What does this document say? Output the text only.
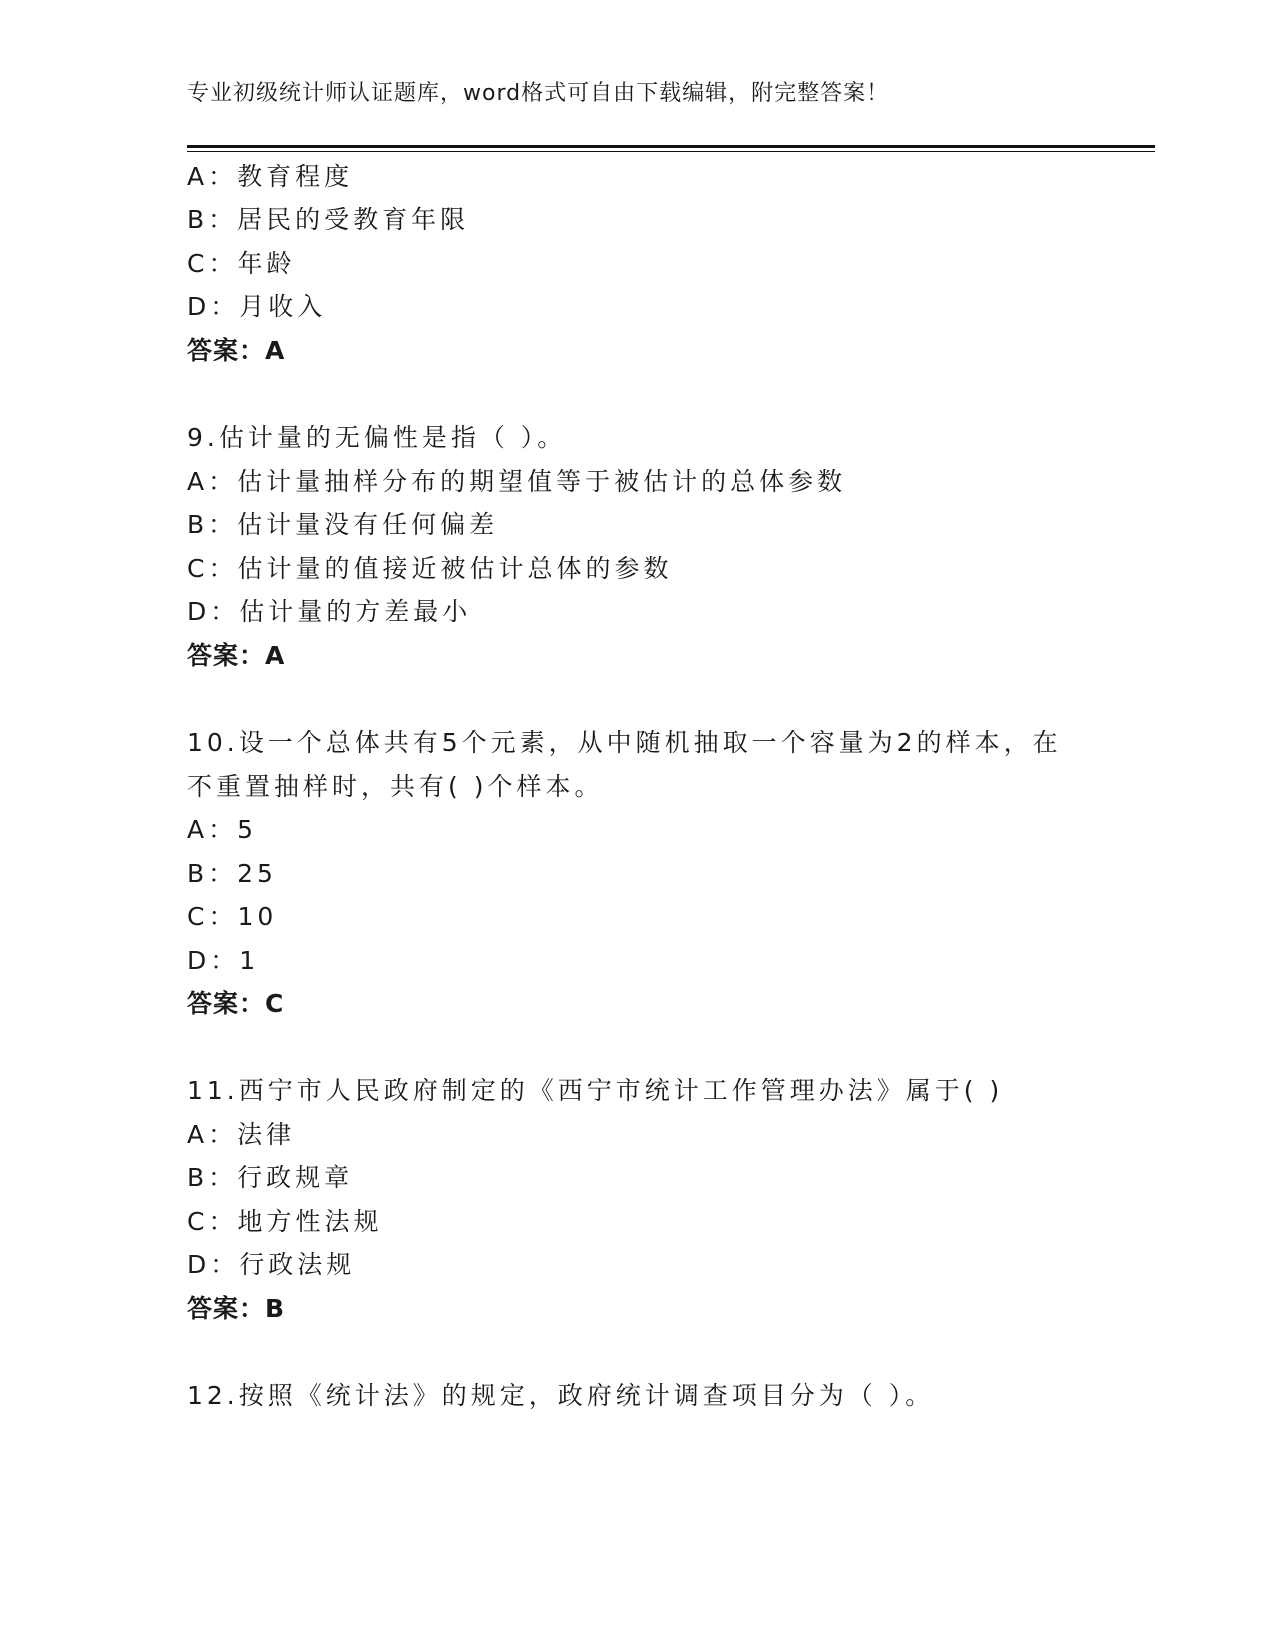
专业初级统计师认证题库，word格式可自由下载编辑，附完整答案！
A：教育程度
B：居民的受教育年限
C：年龄
D：月收入
答案：A
9.估计量的无偏性是指（ ）。
A：估计量抽样分布的期望值等于被估计的总体参数
B：估计量没有任何偏差
C：估计量的值接近被估计总体的参数
D：估计量的方差最小
答案：A
10.设一个总体共有5个元素，从中随机抽取一个容量为2的样本，在
不重置抽样时，共有( )个样本。
A：5
B：25
C：10
D：1
答案：C
11.西宁市人民政府制定的《西宁市统计工作管理办法》属于( )
A：法律
B：行政规章
C：地方性法规
D：行政法规
答案：B
12.按照《统计法》的规定，政府统计调查项目分为（ ）。
